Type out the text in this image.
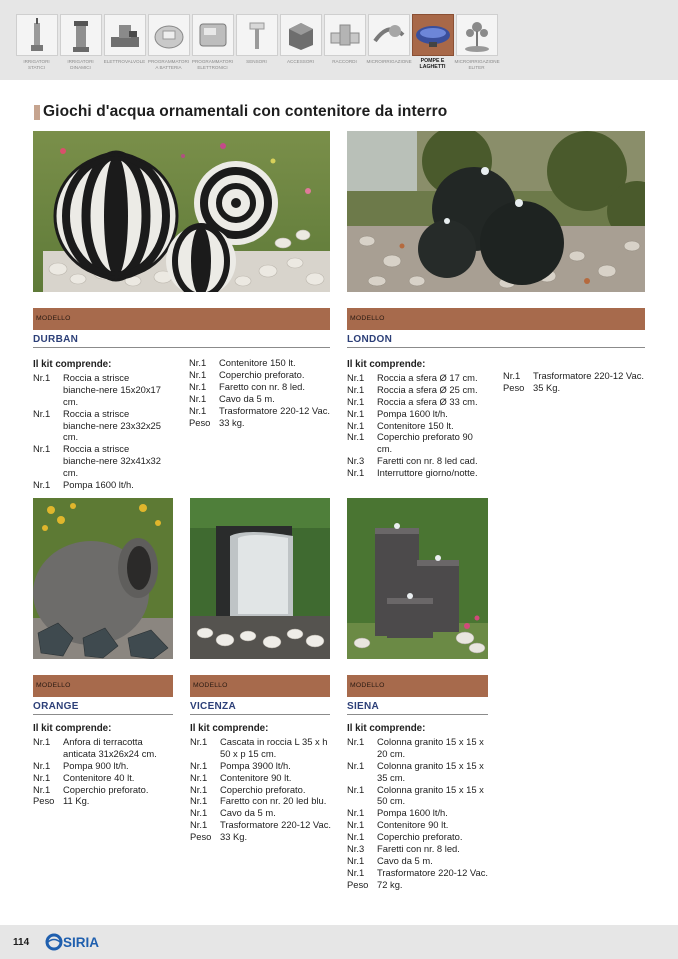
IRRIGATORI STATICI
IRRIGATORI DINAMICI
ELETTROVALVOLE PROGRAMMATORI A BATTERIA
PROGRAMMATORI ELETTRONICI
SENSORI	ACCESSORI	RACCORDI	MICROIRRIGAZIONE	POMPE E LAGHETTI
MICROIRRIGAZIONE ELITER
Giochi d'acqua ornamentali con contenitore da interro
MODELLO
DURBAN
Il kit comprende:
Nr.1	Roccia a strisce bianche-nere 15x20x17 cm.
Nr.1	Roccia a strisce bianche-nere 23x32x25 cm.
Nr.1	Roccia a strisce bianche-nere 32x41x32 cm.
Nr.1	Pompa 1600 lt/h.
Nr.1	Contenitore 150 lt.
Nr.1	Coperchio preforato.
Nr.1	Faretto con nr. 8 led.
Nr.1	Cavo da 5 m.
Nr.1	Trasformatore 220-12 Vac.
Peso 33 kg.
MODELLO
LONDON
Il kit comprende:
Nr.1	Roccia a sfera Ø 17 cm.
Nr.1	Roccia a sfera Ø 25 cm.
Nr.1	Roccia a sfera Ø 33 cm.
Nr.1	Pompa 1600 lt/h.
Nr.1	Contenitore 150 lt.
Nr.1	Coperchio preforato 90 cm.
Nr.3	Faretti con nr. 8 led cad.
Nr.1	Interruttore giorno/notte.
Nr.1	Trasformatore 220-12 Vac.
Peso 35 Kg.
MODELLO
ORANGE
Il kit comprende:
Nr.1	Anfora di terracotta anticata 31x26x24 cm.
Nr.1	Pompa 900 lt/h.
Nr.1	Contenitore 40 lt.
Nr.1	Coperchio preforato.
Peso 11 Kg.
MODELLO
VICENZA
Il kit comprende:
Nr.1	Cascata in roccia L 35 x h 50 x p 15 cm.
Nr.1	Pompa 3900 lt/h.
Nr.1	Contenitore 90 lt.
Nr.1	Coperchio preforato.
Nr.1	Faretto con nr. 20 led blu.
Nr.1	Cavo da 5 m.
Nr.1	Trasformatore 220-12 Vac.
Peso 33 Kg.
MODELLO
SIENA
Il kit comprende:
Nr.1	Colonna granito 15 x 15 x 20 cm.
Nr.1	Colonna granito 15 x 15 x 35 cm.
Nr.1	Colonna granito 15 x 15 x 50 cm.
Nr.1	Pompa 1600 lt/h.
Nr.1	Contenitore 90 lt.
Nr.1	Coperchio preforato.
Nr.3	Faretti con nr. 8 led.
Nr.1	Cavo da 5 m.
Nr.1	Trasformatore 220-12 Vac.
Peso 72 kg.
114	SIRIA
